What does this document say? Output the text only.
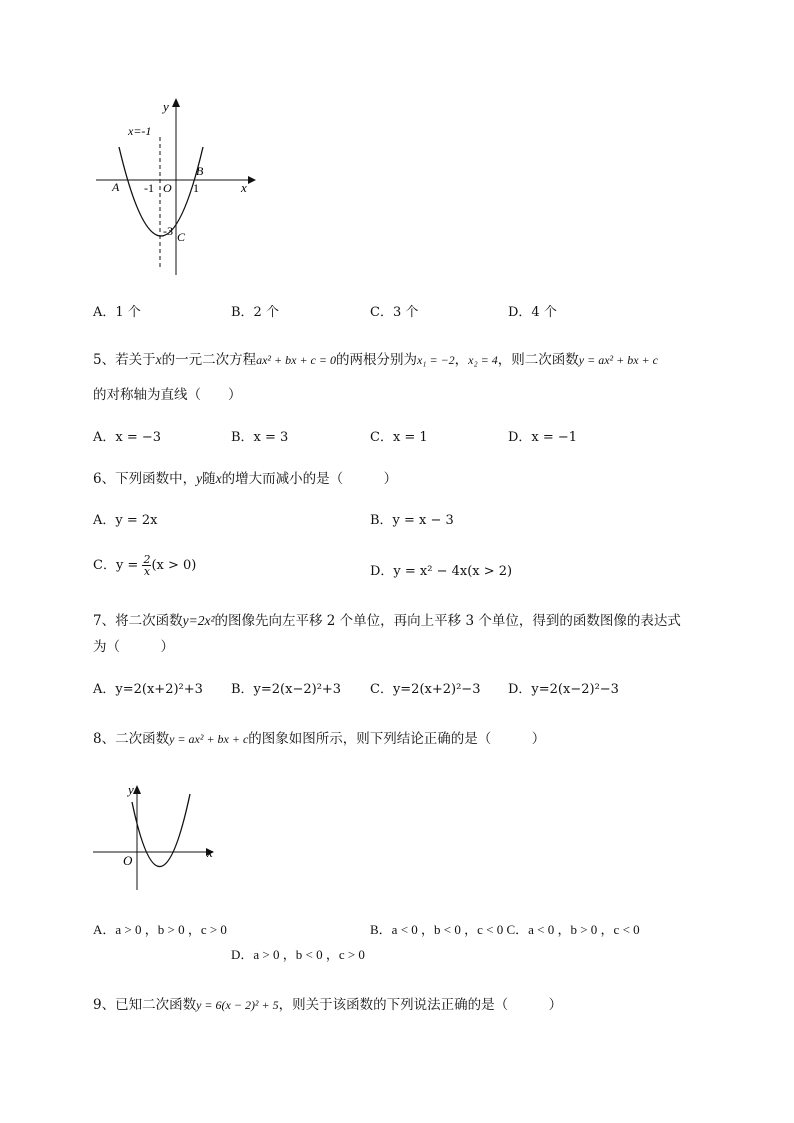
y
x
x=-1
A
B
C
O
-1	1
-3
A．1 个	B．2 个	C．3 个	D．4 个
5、若关于x的一元二次方程ax² + bx + c = 0的两根分别为x₁ = −2，x₂ = 4，则二次函数y = ax² + bx + c
的对称轴为直线（　　）
A．x = −3	B．x = 3	C．x = 1	D．x = −1
6、下列函数中，y随x的增大而减小的是（　　　）
A．y = 2x	B．y = x − 3
C．$y = \frac{2}{x} (x > 0)$	D．y = x² − 4x(x > 2)
7、将二次函数y=2x²的图像先向左平移 2 个单位，再向上平移 3 个单位，得到的函数图像的表达式
为（　　　）
A．y=2(x+2)²+3 B．y=2(x−2)²+3 C．y=2(x+2)²−3 D．y=2(x−2)²−3
8、二次函数y = ax² + bx + c的图象如图所示，则下列结论正确的是（　　　）
y
x
O
A．a > 0 ，b > 0 ，c > 0	B．a < 0 ，b < 0 ，c < 0 C．a < 0 ，b > 0 ，c < 0
D．a > 0 ，b < 0 ，c > 0
9、已知二次函数y = 6(x − 2)² + 5，则关于该函数的下列说法正确的是（　　　）
